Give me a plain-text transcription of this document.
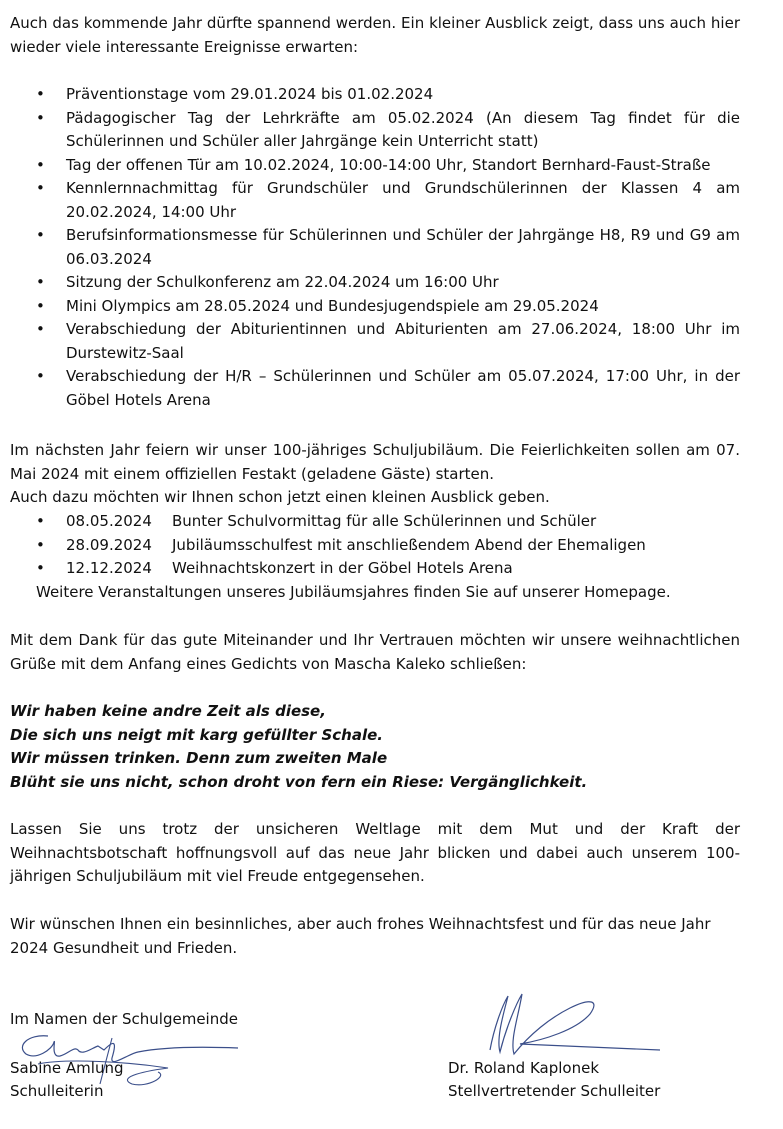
Auch das kommende Jahr dürfte spannend werden. Ein kleiner Ausblick zeigt, dass uns auch hier wieder viele interessante Ereignisse erwarten:

• Präventionstage vom 29.01.2024 bis 01.02.2024
• Pädagogischer Tag der Lehrkräfte am 05.02.2024 (An diesem Tag findet für die Schülerinnen und Schüler aller Jahrgänge kein Unterricht statt)
• Tag der offenen Tür am 10.02.2024, 10:00-14:00 Uhr, Standort Bernhard-Faust-Straße
• Kennlernnachmittag für Grundschüler und Grundschülerinnen der Klassen 4 am 20.02.2024, 14:00 Uhr
• Berufsinformationsmesse für Schülerinnen und Schüler der Jahrgänge H8, R9 und G9 am 06.03.2024
• Sitzung der Schulkonferenz am 22.04.2024 um 16:00 Uhr
• Mini Olympics am 28.05.2024 und Bundesjugendspiele am 29.05.2024
• Verabschiedung der Abiturientinnen und Abiturienten am 27.06.2024, 18:00 Uhr im Durstewitz-Saal
• Verabschiedung der H/R – Schülerinnen und Schüler am 05.07.2024, 17:00 Uhr, in der Göbel Hotels Arena

Im nächsten Jahr feiern wir unser 100-jähriges Schuljubiläum. Die Feierlichkeiten sollen am 07. Mai 2024 mit einem offiziellen Festakt (geladene Gäste) starten.

Auch dazu möchten wir Ihnen schon jetzt einen kleinen Ausblick geben.

• 08.05.2024 Bunter Schulvormittag für alle Schülerinnen und Schüler
• 28.09.2024 Jubiläumsschulfest mit anschließendem Abend der Ehemaligen
• 12.12.2024 Weihnachtskonzert in der Göbel Hotels Arena

Weitere Veranstaltungen unseres Jubiläumsjahres finden Sie auf unserer Homepage.

Mit dem Dank für das gute Miteinander und Ihr Vertrauen möchten wir unsere weihnachtlichen Grüße mit dem Anfang eines Gedichts von Mascha Kaleko schließen:

Wir haben keine andre Zeit als diese,
Die sich uns neigt mit karg gefüllter Schale.
Wir müssen trinken. Denn zum zweiten Male
Blüht sie uns nicht, schon droht von fern ein Riese: Vergänglichkeit.

Lassen Sie uns trotz der unsicheren Weltlage mit dem Mut und der Kraft der Weihnachtsbotschaft hoffnungsvoll auf das neue Jahr blicken und dabei auch unserem 100-jährigen Schuljubiläum mit viel Freude entgegensehen.

Wir wünschen Ihnen ein besinnliches, aber auch frohes Weihnachtsfest und für das neue Jahr 2024 Gesundheit und Frieden.

Im Namen der Schulgemeinde
Sabine Amlung
Schulleiterin
Dr. Roland Kaplonek
Stellvertretender Schulleiter
